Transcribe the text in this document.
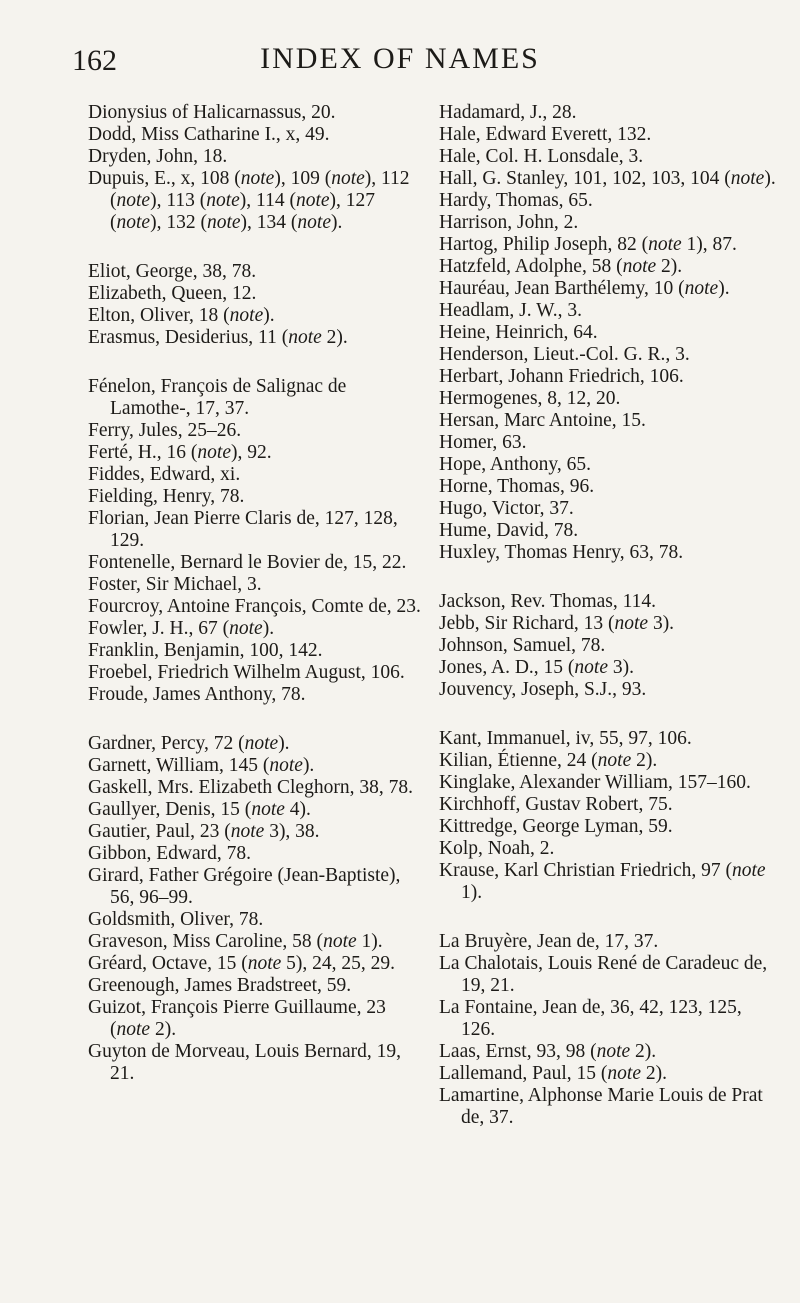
162	INDEX OF NAMES

Dionysius of Halicarnassus, 20.

Dodd, Miss Catharine I., x, 49.

Dryden, John, 18.

Dupuis, E., x, 108 (note), 109 (note), 112 (note), 113 (note), 114 (note), 127 (note), 132 (note), 134 (note).

Eliot, George, 38, 78.

Elizabeth, Queen, 12.

Elton, Oliver, 18 (note).

Erasmus, Desiderius, 11 (note 2).

Fénelon, François de Salignac de Lamothe-, 17, 37.

Ferry, Jules, 25–26.

Ferté, H., 16 (note), 92.

Fiddes, Edward, xi.

Fielding, Henry, 78.

Florian, Jean Pierre Claris de, 127, 128, 129.

Fontenelle, Bernard le Bovier de, 15, 22.

Foster, Sir Michael, 3.

Fourcroy, Antoine François, Comte de, 23.

Fowler, J. H., 67 (note).

Franklin, Benjamin, 100, 142.

Froebel, Friedrich Wilhelm August, 106.

Froude, James Anthony, 78.

Gardner, Percy, 72 (note).

Garnett, William, 145 (note).

Gaskell, Mrs. Elizabeth Cleghorn, 38, 78.

Gaullyer, Denis, 15 (note 4).

Gautier, Paul, 23 (note 3), 38.

Gibbon, Edward, 78.

Girard, Father Grégoire (Jean-Baptiste), 56, 96–99.

Goldsmith, Oliver, 78.

Graveson, Miss Caroline, 58 (note 1).

Gréard, Octave, 15 (note 5), 24, 25, 29.

Greenough, James Bradstreet, 59.

Guizot, François Pierre Guillaume, 23 (note 2).

Guyton de Morveau, Louis Bernard, 19, 21.

Hadamard, J., 28.

Hale, Edward Everett, 132.

Hale, Col. H. Lonsdale, 3.

Hall, G. Stanley, 101, 102, 103, 104 (note).

Hardy, Thomas, 65.

Harrison, John, 2.

Hartog, Philip Joseph, 82 (note 1), 87.

Hatzfeld, Adolphe, 58 (note 2).

Hauréau, Jean Barthélemy, 10 (note).

Headlam, J. W., 3.

Heine, Heinrich, 64.

Henderson, Lieut.-Col. G. R., 3.

Herbart, Johann Friedrich, 106.

Hermogenes, 8, 12, 20.

Hersan, Marc Antoine, 15.

Homer, 63.

Hope, Anthony, 65.

Horne, Thomas, 96.

Hugo, Victor, 37.

Hume, David, 78.

Huxley, Thomas Henry, 63, 78.

Jackson, Rev. Thomas, 114.

Jebb, Sir Richard, 13 (note 3).

Johnson, Samuel, 78.

Jones, A. D., 15 (note 3).

Jouvency, Joseph, S.J., 93.

Kant, Immanuel, iv, 55, 97, 106.

Kilian, Étienne, 24 (note 2).

Kinglake, Alexander William, 157–160.

Kirchhoff, Gustav Robert, 75.

Kittredge, George Lyman, 59.

Kolp, Noah, 2.

Krause, Karl Christian Friedrich, 97 (note 1).

La Bruyère, Jean de, 17, 37.

La Chalotais, Louis René de Caradeuc de, 19, 21.

La Fontaine, Jean de, 36, 42, 123, 125, 126.

Laas, Ernst, 93, 98 (note 2).

Lallemand, Paul, 15 (note 2).

Lamartine, Alphonse Marie Louis de Prat de, 37.
